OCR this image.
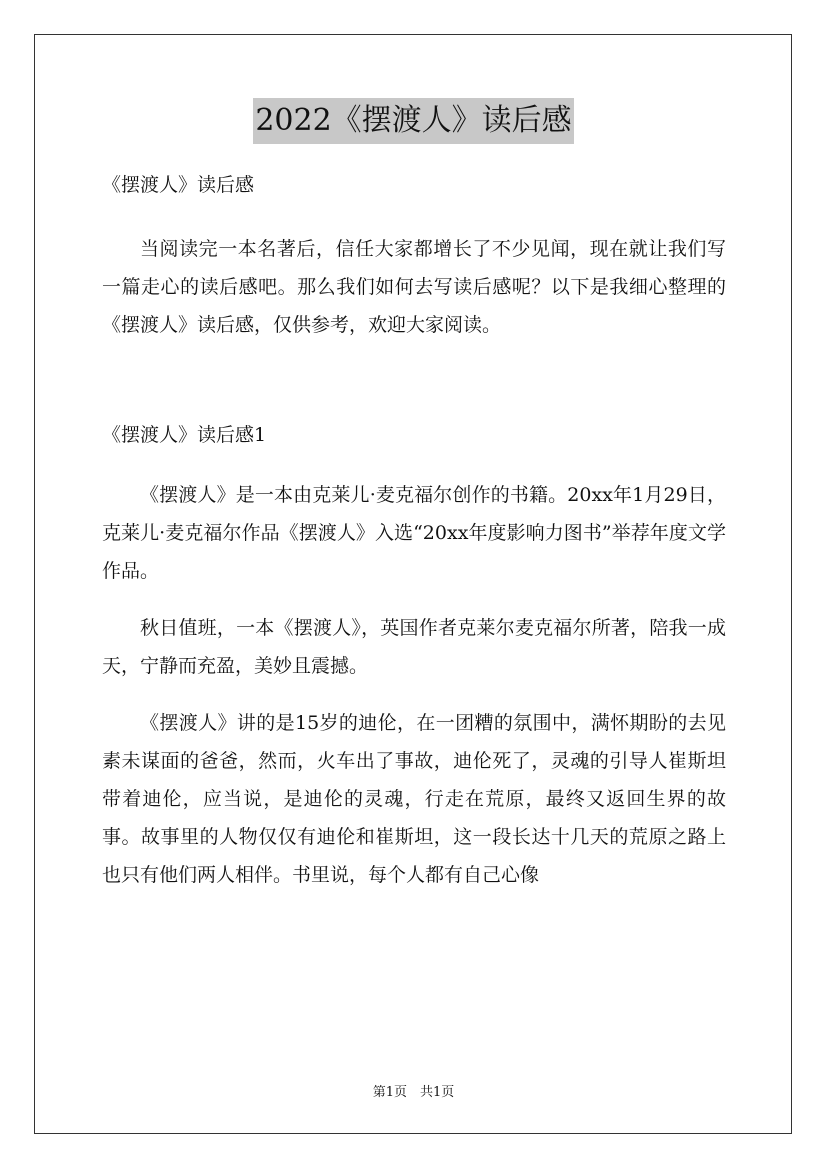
2022《摆渡人》读后感

《摆渡人》读后感

当阅读完一本名著后，信任大家都增长了不少见闻，现在就让我们写一篇走心的读后感吧。那么我们如何去写读后感呢？以下是我细心整理的《摆渡人》读后感，仅供参考，欢迎大家阅读。

《摆渡人》读后感1

《摆渡人》是一本由克莱儿·麦克福尔创作的书籍。20xx年1月29日，克莱儿·麦克福尔作品《摆渡人》入选“20xx年度影响力图书”举荐年度文学作品。

秋日值班，一本《摆渡人》，英国作者克莱尔麦克福尔所著，陪我一成天，宁静而充盈，美妙且震撼。

《摆渡人》讲的是15岁的迪伦，在一团糟的氛围中，满怀期盼的去见素未谋面的爸爸，然而，火车出了事故，迪伦死了，灵魂的引导人崔斯坦带着迪伦，应当说，是迪伦的灵魂，行走在荒原，最终又返回生界的故事。故事里的人物仅仅有迪伦和崔斯坦，这一段长达十几天的荒原之路上也只有他们两人相伴。书里说，每个人都有自己心像

第1页　共1页
